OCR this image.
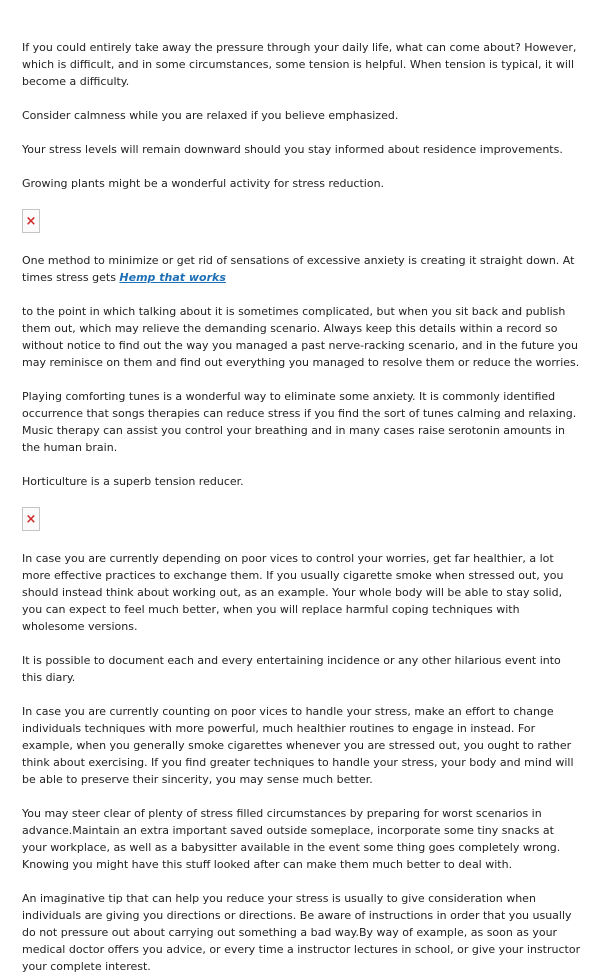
If you could entirely take away the pressure through your daily life, what can come about? However, which is difficult, and in some circumstances, some tension is helpful. When tension is typical, it will become a difficulty.

Consider calmness while you are relaxed if you believe emphasized.

Your stress levels will remain downward should you stay informed about residence improvements.

Growing plants might be a wonderful activity for stress reduction.

×

One method to minimize or get rid of sensations of excessive anxiety is creating it straight down. At times stress gets Hemp that works

to the point in which talking about it is sometimes complicated, but when you sit back and publish them out, which may relieve the demanding scenario. Always keep this details within a record so without notice to find out the way you managed a past nerve-racking scenario, and in the future you may reminisce on them and find out everything you managed to resolve them or reduce the worries.

Playing comforting tunes is a wonderful way to eliminate some anxiety. It is commonly identified occurrence that songs therapies can reduce stress if you find the sort of tunes calming and relaxing. Music therapy can assist you control your breathing and in many cases raise serotonin amounts in the human brain.

Horticulture is a superb tension reducer.

×

In case you are currently depending on poor vices to control your worries, get far healthier, a lot more effective practices to exchange them. If you usually cigarette smoke when stressed out, you should instead think about working out, as an example. Your whole body will be able to stay solid, you can expect to feel much better, when you will replace harmful coping techniques with wholesome versions.

It is possible to document each and every entertaining incidence or any other hilarious event into this diary.

In case you are currently counting on poor vices to handle your stress, make an effort to change individuals techniques with more powerful, much healthier routines to engage in instead. For example, when you generally smoke cigarettes whenever you are stressed out, you ought to rather think about exercising. If you find greater techniques to handle your stress, your body and mind will be able to preserve their sincerity, you may sense much better.

You may steer clear of plenty of stress filled circumstances by preparing for worst scenarios in advance.Maintain an extra important saved outside someplace, incorporate some tiny snacks at your workplace, as well as a babysitter available in the event some thing goes completely wrong. Knowing you might have this stuff looked after can make them much better to deal with.

An imaginative tip that can help you reduce your stress is usually to give consideration when individuals are giving you directions or directions. Be aware of instructions in order that you usually do not pressure out about carrying out something a bad way.By way of example, as soon as your medical doctor offers you advice, or every time a instructor lectures in school, or give your instructor your complete interest.
